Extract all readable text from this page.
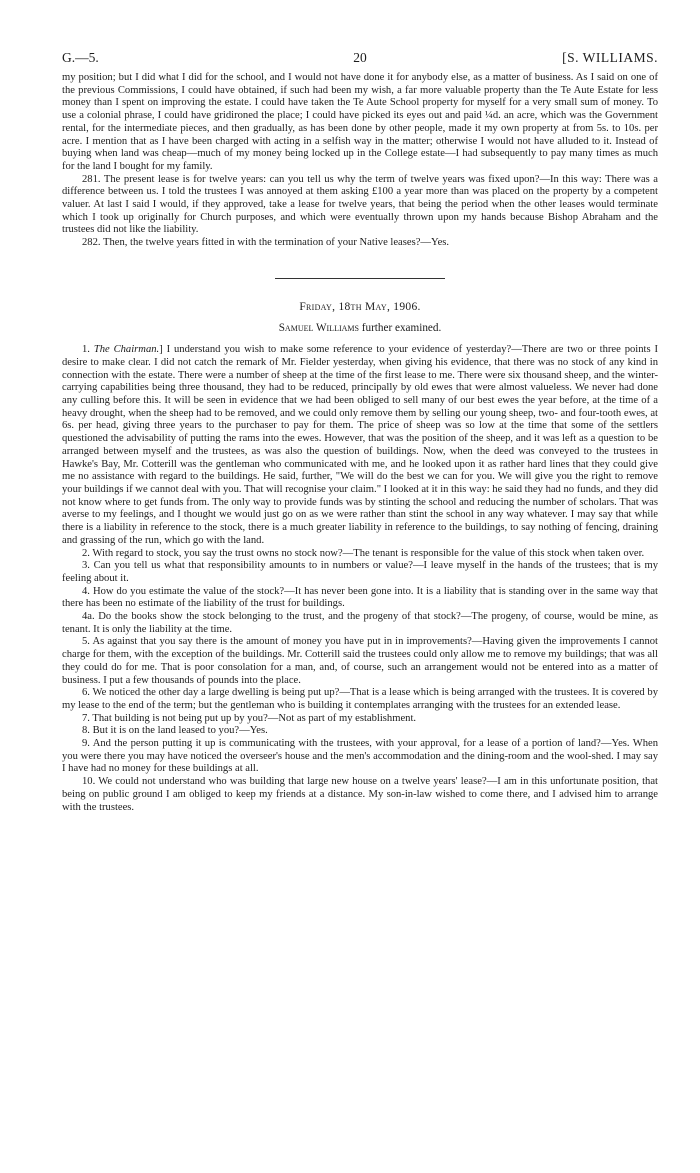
G.—5.	20	[S. WILLIAMS.

my position; but I did what I did for the school, and I would not have done it for anybody else, as a matter of business. As I said on one of the previous Commissions, I could have obtained, if such had been my wish, a far more valuable property than the Te Aute Estate for less money than I spent on improving the estate. I could have taken the Te Aute School property for myself for a very small sum of money. To use a colonial phrase, I could have gridironed the place; I could have picked its eyes out and paid ¼d. an acre, which was the Government rental, for the intermediate pieces, and then gradually, as has been done by other people, made it my own property at from 5s. to 10s. per acre. I mention that as I have been charged with acting in a selfish way in the matter; otherwise I would not have alluded to it. Instead of buying when land was cheap—much of my money being locked up in the College estate—I had subsequently to pay many times as much for the land I bought for my family.

281. The present lease is for twelve years: can you tell us why the term of twelve years was fixed upon?—In this way: There was a difference between us. I told the trustees I was annoyed at them asking £100 a year more than was placed on the property by a competent valuer. At last I said I would, if they approved, take a lease for twelve years, that being the period when the other leases would terminate which I took up originally for Church purposes, and which were eventually thrown upon my hands because Bishop Abraham and the trustees did not like the liability.

282. Then, the twelve years fitted in with the termination of your Native leases?—Yes.

Friday, 18th May, 1906.
Samuel Williams further examined.

1. The Chairman.] I understand you wish to make some reference to your evidence of yesterday?—There are two or three points I desire to make clear. I did not catch the remark of Mr. Fielder yesterday, when giving his evidence, that there was no stock of any kind in connection with the estate. There were a number of sheep at the time of the first lease to me. There were six thousand sheep, and the winter-carrying capabilities being three thousand, they had to be reduced, principally by old ewes that were almost valueless. We never had done any culling before this. It will be seen in evidence that we had been obliged to sell many of our best ewes the year before, at the time of a heavy drought, when the sheep had to be removed, and we could only remove them by selling our young sheep, two- and four-tooth ewes, at 6s. per head, giving three years to the purchaser to pay for them. The price of sheep was so low at the time that some of the settlers questioned the advisability of putting the rams into the ewes. However, that was the position of the sheep, and it was left as a question to be arranged between myself and the trustees, as was also the question of buildings. Now, when the deed was conveyed to the trustees in Hawke's Bay, Mr. Cotterill was the gentleman who communicated with me, and he looked upon it as rather hard lines that they could give me no assistance with regard to the buildings. He said, further, "We will do the best we can for you. We will give you the right to remove your buildings if we cannot deal with you. That will recognise your claim." I looked at it in this way: he said they had no funds, and they did not know where to get funds from. The only way to provide funds was by stinting the school and reducing the number of scholars. That was averse to my feelings, and I thought we would just go on as we were rather than stint the school in any way whatever. I may say that while there is a liability in reference to the stock, there is a much greater liability in reference to the buildings, to say nothing of fencing, draining and grassing of the run, which go with the land.

2. With regard to stock, you say the trust owns no stock now?—The tenant is responsible for the value of this stock when taken over.

3. Can you tell us what that responsibility amounts to in numbers or value?—I leave myself in the hands of the trustees; that is my feeling about it.

4. How do you estimate the value of the stock?—It has never been gone into. It is a liability that is standing over in the same way that there has been no estimate of the liability of the trust for buildings.

4a. Do the books show the stock belonging to the trust, and the progeny of that stock?—The progeny, of course, would be mine, as tenant. It is only the liability at the time.

5. As against that you say there is the amount of money you have put in in improvements?—Having given the improvements I cannot charge for them, with the exception of the buildings. Mr. Cotterill said the trustees could only allow me to remove my buildings; that was all they could do for me. That is poor consolation for a man, and, of course, such an arrangement would not be entered into as a matter of business. I put a few thousands of pounds into the place.

6. We noticed the other day a large dwelling is being put up?—That is a lease which is being arranged with the trustees. It is covered by my lease to the end of the term; but the gentleman who is building it contemplates arranging with the trustees for an extended lease.

7. That building is not being put up by you?—Not as part of my establishment.

8. But it is on the land leased to you?—Yes.

9. And the person putting it up is communicating with the trustees, with your approval, for a lease of a portion of land?—Yes. When you were there you may have noticed the overseer's house and the men's accommodation and the dining-room and the wool-shed. I may say I have had no money for these buildings at all.

10. We could not understand who was building that large new house on a twelve years' lease?—I am in this unfortunate position, that being on public ground I am obliged to keep my friends at a distance. My son-in-law wished to come there, and I advised him to arrange with the trustees.
